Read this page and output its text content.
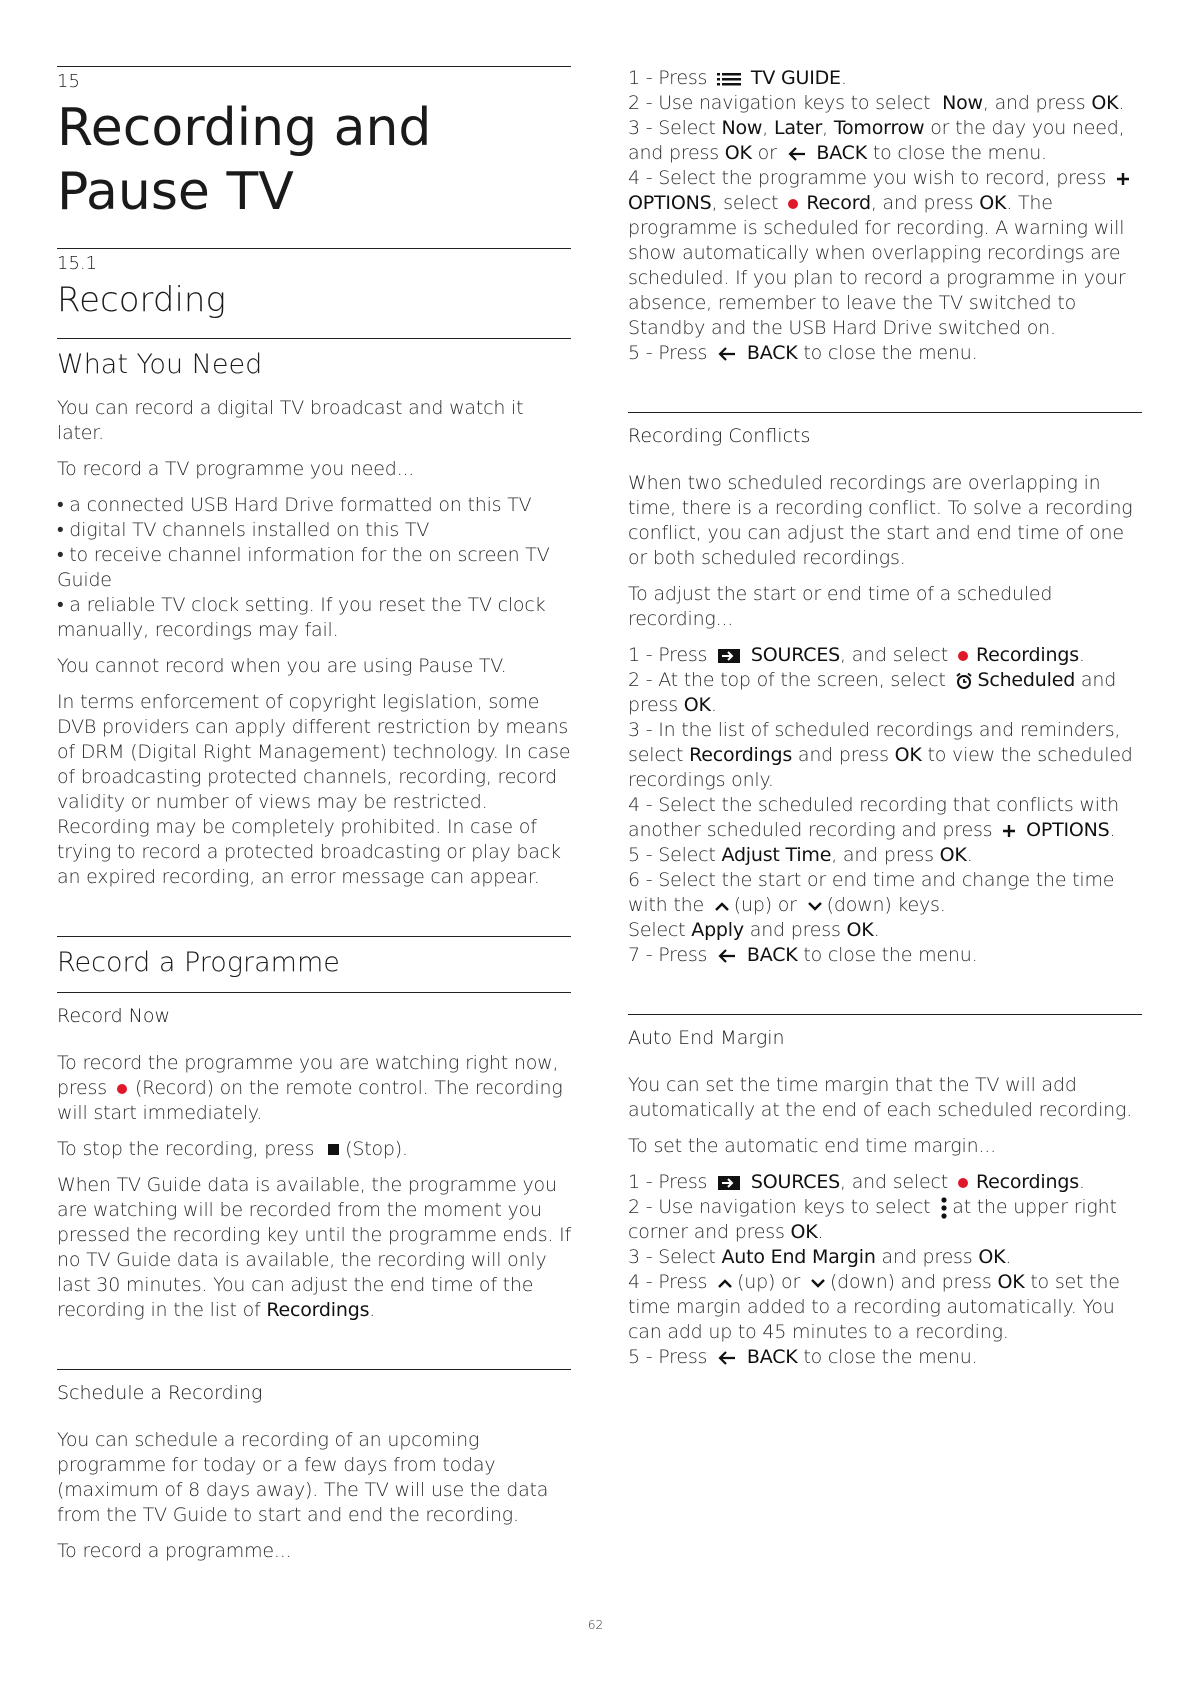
15
Recording and
Pause TV
15.1
Recording
What You Need

You can record a digital TV broadcast and watch it later.

To record a TV programme you need...

• a connected USB Hard Drive formatted on this TV
• digital TV channels installed on this TV
• to receive channel information for the on screen TV Guide
• a reliable TV clock setting. If you reset the TV clock manually, recordings may fail.

You cannot record when you are using Pause TV.

In terms enforcement of copyright legislation, some DVB providers can apply different restriction by means of DRM (Digital Right Management) technology. In case of broadcasting protected channels, recording, record validity or number of views may be restricted. Recording may be completely prohibited. In case of trying to record a protected broadcasting or play back an expired recording, an error message can appear.

Record a Programme
Record Now

To record the programme you are watching right now, press (Record) on the remote control. The recording will start immediately.

To stop the recording, press (Stop).

When TV Guide data is available, the programme you are watching will be recorded from the moment you pressed the recording key until the programme ends. If no TV Guide data is available, the recording will only last 30 minutes. You can adjust the end time of the recording in the list of Recordings.

Schedule a Recording

You can schedule a recording of an upcoming programme for today or a few days from today (maximum of 8 days away). The TV will use the data from the TV Guide to start and end the recording.

To record a programme...

1 - Press TV GUIDE.

2 - Use navigation keys to select Now, and press OK.

3 - Select Now, Later, Tomorrow or the day you need, and press OK or BACK to close the menu.

4 - Select the programme you wish to record, press  OPTIONS, select Record, and press OK. The programme is scheduled for recording. A warning will show automatically when overlapping recordings are scheduled. If you plan to record a programme in your absence, remember to leave the TV switched to Standby and the USB Hard Drive switched on.

5 - Press BACK to close the menu.

Recording Conflicts

When two scheduled recordings are overlapping in time, there is a recording conflict. To solve a recording conflict, you can adjust the start and end time of one or both scheduled recordings.

To adjust the start or end time of a scheduled recording...

1 - Press SOURCES, and select Recordings.

2 - At the top of the screen, select Scheduled and press OK.

3 - In the list of scheduled recordings and reminders, select Recordings and press OK to view the scheduled recordings only.

4 - Select the scheduled recording that conflicts with another scheduled recording and press OPTIONS.

5 - Select Adjust Time, and press OK.

6 - Select the start or end time and change the time with the (up) or (down) keys.
Select Apply and press OK.

7 - Press BACK to close the menu.

Auto End Margin

You can set the time margin that the TV will add automatically at the end of each scheduled recording.

To set the automatic end time margin...

1 - Press SOURCES, and select Recordings.

2 - Use navigation keys to select at the upper right corner and press OK.

3 - Select Auto End Margin and press OK.

4 - Press (up) or (down) and press OK to set the time margin added to a recording automatically. You can add up to 45 minutes to a recording.

5 - Press BACK to close the menu.

62
